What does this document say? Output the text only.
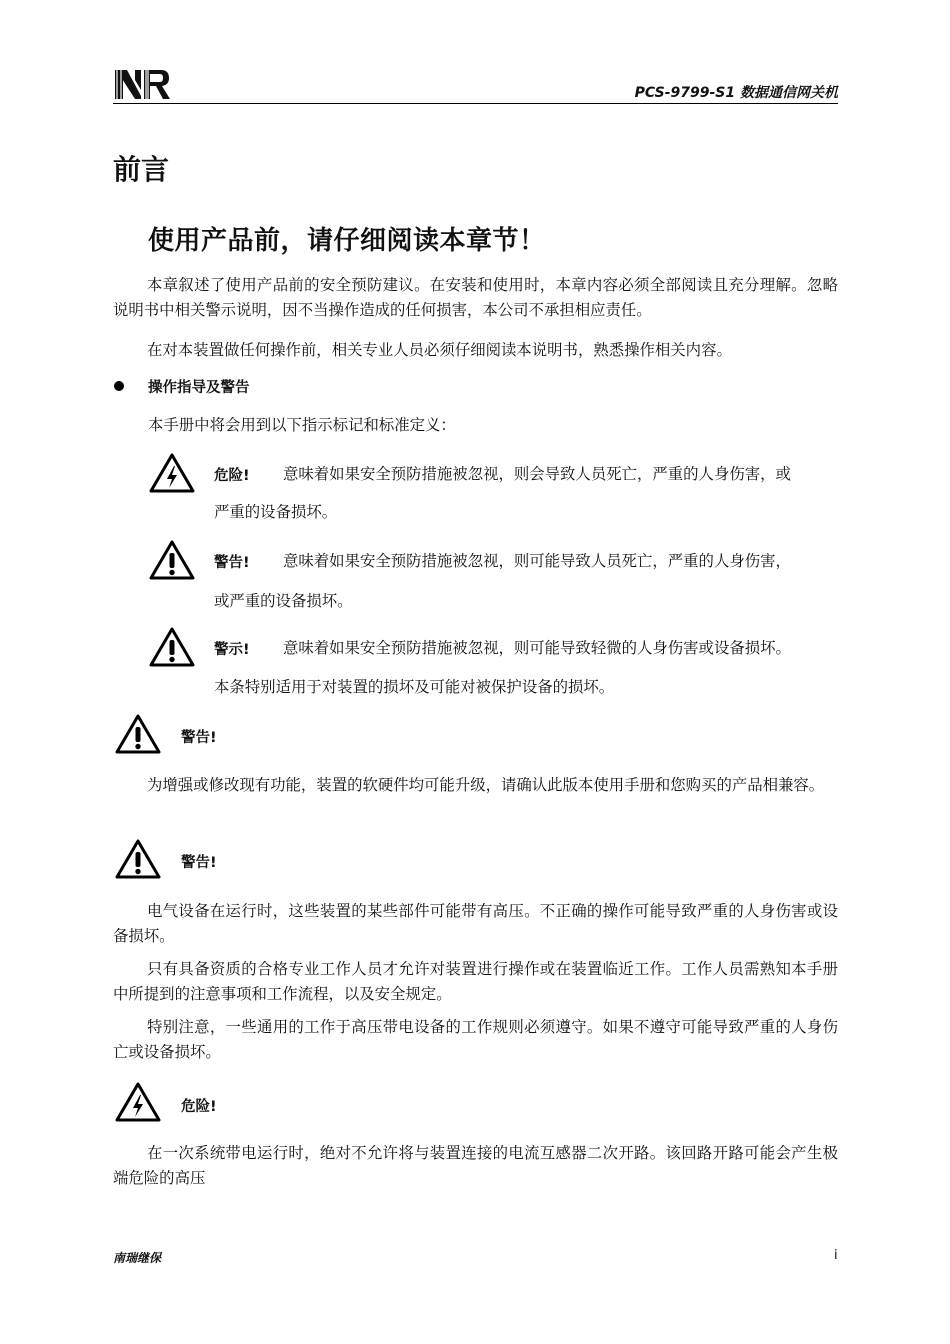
PCS-9799-S1 数据通信网关机
前言
使用产品前，请仔细阅读本章节！

本章叙述了使用产品前的安全预防建议。在安装和使用时，本章内容必须全部阅读且充分理解。忽略说明书中相关警示说明，因不当操作造成的任何损害，本公司不承担相应责任。

在对本装置做任何操作前，相关专业人员必须仔细阅读本说明书，熟悉操作相关内容。

操作指导及警告
本手册中将会用到以下指示标记和标准定义：
危险! 意味着如果安全预防措施被忽视，则会导致人员死亡，严重的人身伤害，或
严重的设备损坏。
警告! 意味着如果安全预防措施被忽视，则可能导致人员死亡，严重的人身伤害，
或严重的设备损坏。
警示! 意味着如果安全预防措施被忽视，则可能导致轻微的人身伤害或设备损坏。
本条特别适用于对装置的损坏及可能对被保护设备的损坏。
警告!

为增强或修改现有功能，装置的软硬件均可能升级，请确认此版本使用手册和您购买的产品相兼容。

警告!

电气设备在运行时，这些装置的某些部件可能带有高压。不正确的操作可能导致严重的人身伤害或设备损坏。

只有具备资质的合格专业工作人员才允许对装置进行操作或在装置临近工作。工作人员需熟知本手册中所提到的注意事项和工作流程，以及安全规定。

特别注意，一些通用的工作于高压带电设备的工作规则必须遵守。如果不遵守可能导致严重的人身伤亡或设备损坏。

危险!

在一次系统带电运行时，绝对不允许将与装置连接的电流互感器二次开路。该回路开路可能会产生极端危险的高压

南瑞继保	i
